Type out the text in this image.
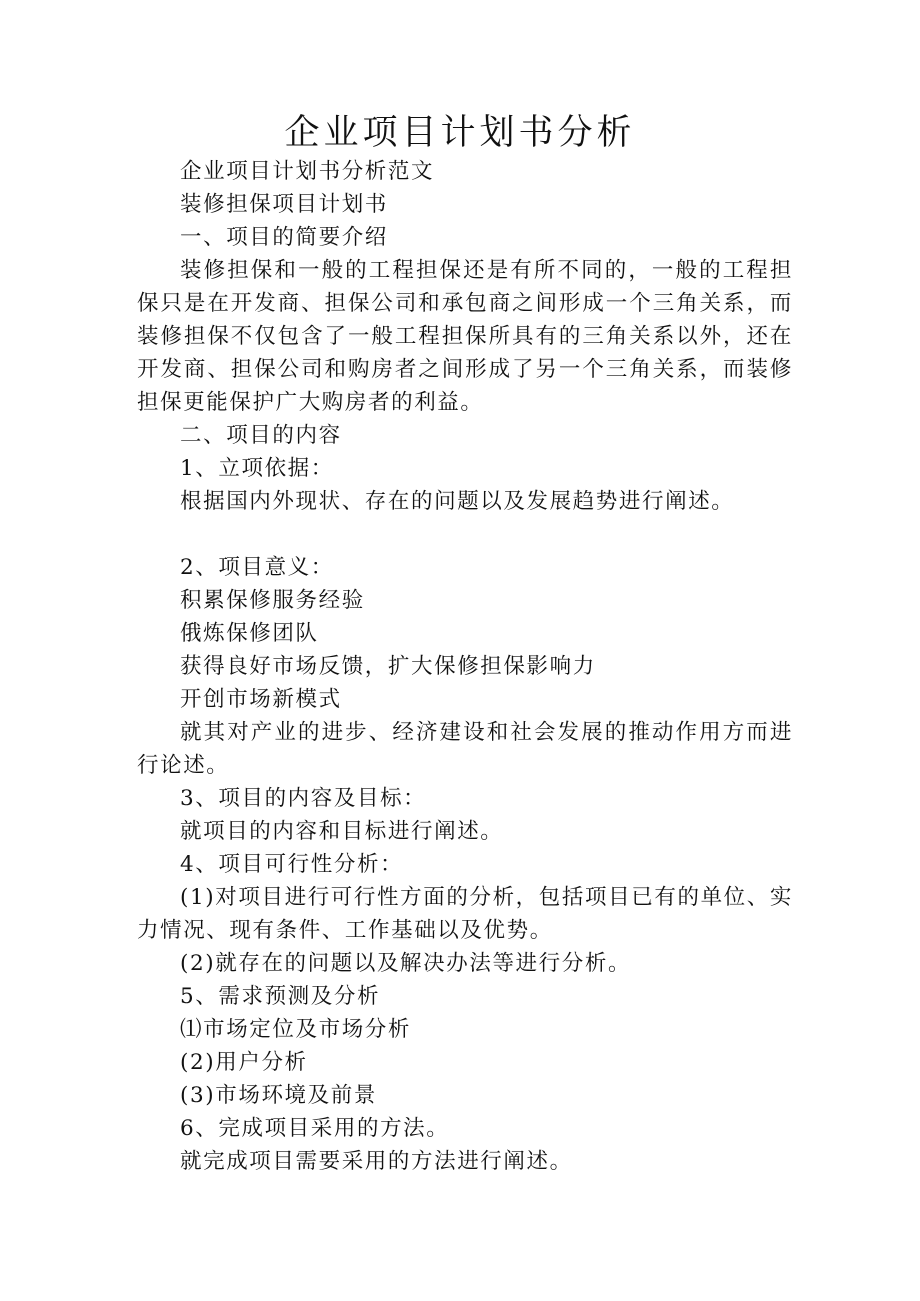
企业项目计划书分析

企业项目计划书分析范文

装修担保项目计划书

一、项目的简要介绍

装修担保和一般的工程担保还是有所不同的，一般的工程担保只是在开发商、担保公司和承包商之间形成一个三角关系，而装修担保不仅包含了一般工程担保所具有的三角关系以外，还在开发商、担保公司和购房者之间形成了另一个三角关系，而装修担保更能保护广大购房者的利益。

二、项目的内容

1、立项依据：

根据国内外现状、存在的问题以及发展趋势进行阐述。

2、项目意义：

积累保修服务经验

俄炼保修团队

获得良好市场反馈，扩大保修担保影响力

开创市场新模式

就其对产业的进步、经济建设和社会发展的推动作用方而进行论述。

3、项目的内容及目标：

就项目的内容和目标进行阐述。

4、项目可行性分析：

(1)对项目进行可行性方面的分析，包括项目已有的单位、实力情况、现有条件、工作基础以及优势。

(2)就存在的问题以及解决办法等进行分析。

5、需求预测及分析

⑴市场定位及市场分析

(2)用户分析

(3)市场环境及前景

6、完成项目采用的方法。

就完成项目需要采用的方法进行阐述。
